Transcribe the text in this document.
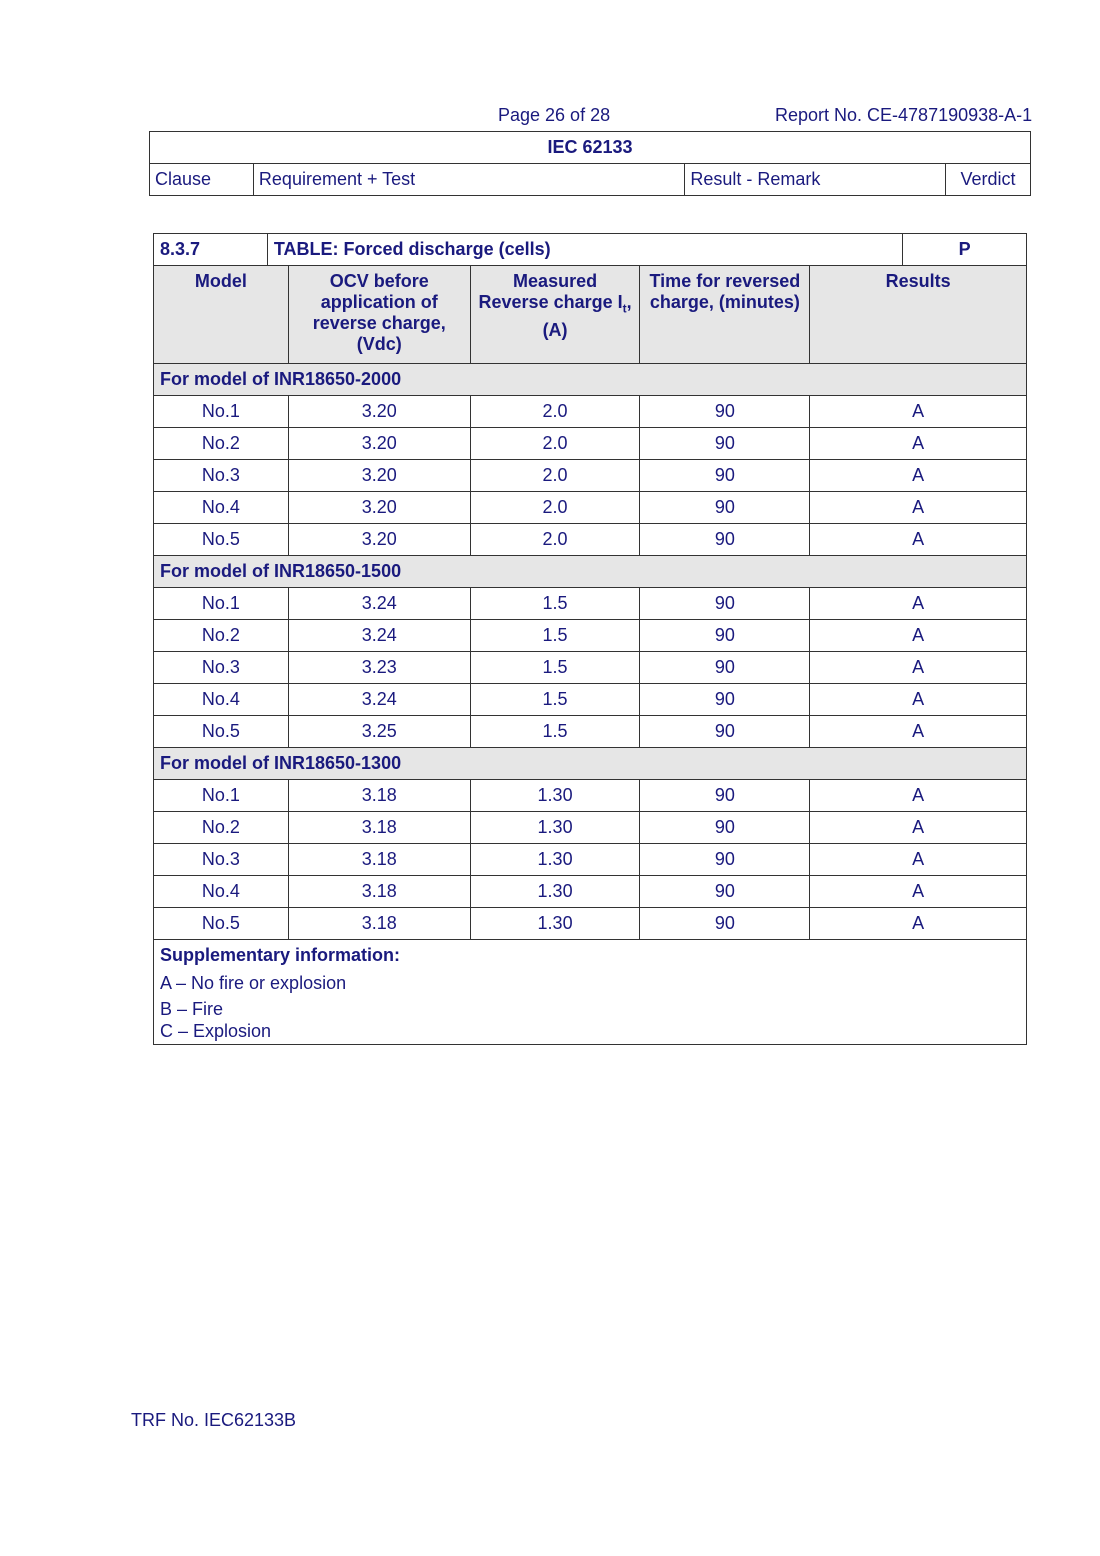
Page 26 of 28	Report No. CE-4787190938-A-1
IEC 62133
Clause	Requirement + Test	Result - Remark	Verdict
8.3.7	TABLE: Forced discharge (cells)					P
Model		OCV before application of reverse charge, (Vdc)	Measured Reverse charge $I_t$, (A)	Time for reversed charge, (minutes)	Results	
For model of INR18650-2000						
No.1		3.20	2.0	90	A	
No.2		3.20	2.0	90	A	
No.3		3.20	2.0	90	A	
No.4		3.20	2.0	90	A	
No.5		3.20	2.0	90	A	
For model of INR18650-1500						
No.1		3.24	1.5	90	A	
No.2		3.24	1.5	90	A	
No.3		3.23	1.5	90	A	
No.4		3.24	1.5	90	A	
No.5		3.25	1.5	90	A	
For model of INR18650-1300						
No.1		3.18	1.30	90	A	
No.2		3.18	1.30	90	A	
No.3		3.18	1.30	90	A	
No.4		3.18	1.30	90	A	
No.5		3.18	1.30	90	A	

Supplementary information:
A – No fire or explosion
B – Fire
C – Explosion						
TRF No. IEC62133B
